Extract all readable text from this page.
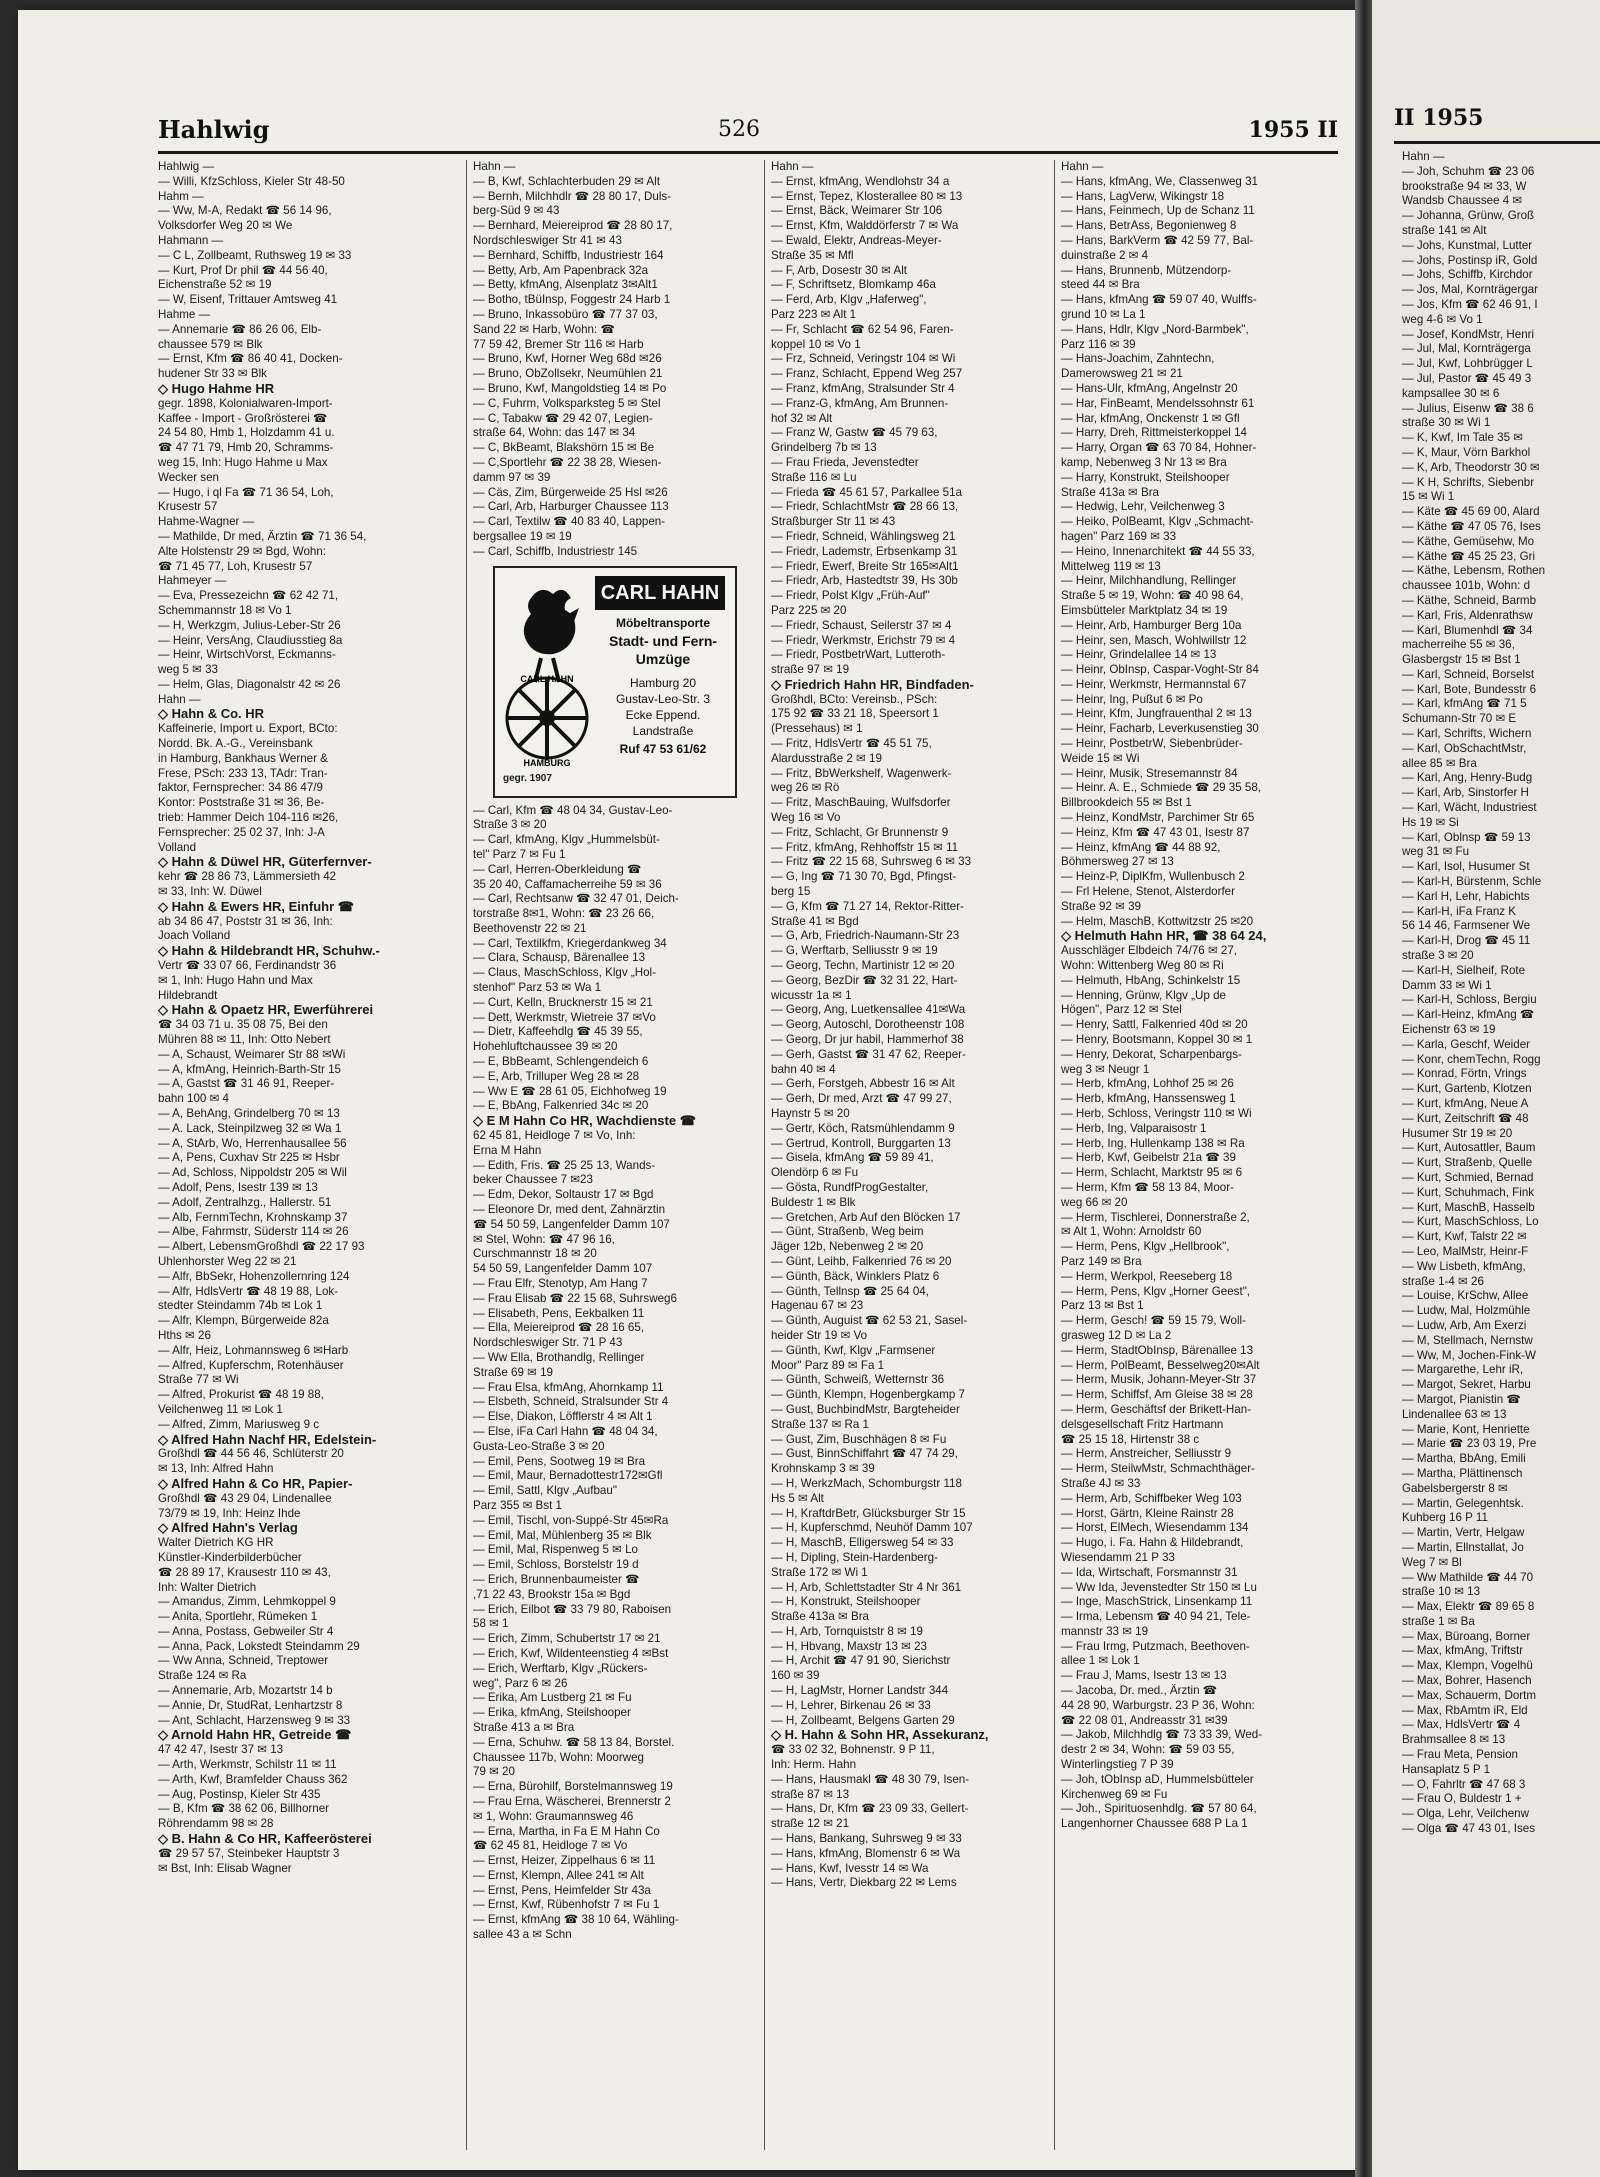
Hahlwig	526	1955 II
Hahlwig —
— Willi, KfzSchloss, Kieler Str 48-50
Hahm —
— Ww, M-A, Redakt ☎ 56 14 96,
Volksdorfer Weg 20 ✉ We
Hahmann —
— C L, Zollbeamt, Ruthsweg 19 ✉ 33
— Kurt, Prof Dr phil ☎ 44 56 40,
Eichenstraße 52 ✉ 19
— W, Eisenf, Trittauer Amtsweg 41
Hahme —
— Annemarie ☎ 86 26 06, Elb-
chaussee 579 ✉ Blk
— Ernst, Kfm ☎ 86 40 41, Docken-
hudener Str 33 ✉ Blk
◇ Hugo Hahme HR
gegr. 1898, Kolonialwaren-Import-
Kaffee - Import - Großrösterei ☎
24 54 80, Hmb 1, Holzdamm 41 u.
☎ 47 71 79, Hmb 20, Schramms-
weg 15, Inh: Hugo Hahme u Max
Wecker sen
— Hugo, i ql Fa ☎ 71 36 54, Loh,
Krusestr 57
Hahme-Wagner —
— Mathilde, Dr med, Ärztin ☎ 71 36 54,
Alte Holstenstr 29 ✉ Bgd, Wohn:
☎ 71 45 77, Loh, Krusestr 57
Hahmeyer —
— Eva, Pressezeichn ☎ 62 42 71,
Schemmannstr 18 ✉ Vo 1
— H, Werkzgm, Julius-Leber-Str 26
— Heinr, VersAng, Claudiusstieg 8a
— Heinr, WirtschVorst, Eckmanns-
weg 5 ✉ 33
— Helm, Glas, Diagonalstr 42 ✉ 26
Hahn —
◇ Hahn & Co. HR
Kaffeinerie, Import u. Export, BCto:
Nordd. Bk. A.-G., Vereinsbank
in Hamburg, Bankhaus Werner &
Frese, PSch: 233 13, TAdr: Tran-
faktor, Fernsprecher: 34 86 47/9
Kontor: Poststraße 31 ✉ 36, Be-
trieb: Hammer Deich 104-116 ✉26,
Fernsprecher: 25 02 37, Inh: J-A
Volland
◇ Hahn & Düwel HR, Güterfernver-
kehr ☎ 28 86 73, Lämmersieth 42
✉ 33, Inh: W. Düwel
◇ Hahn & Ewers HR, Einfuhr ☎
ab 34 86 47, Poststr 31 ✉ 36, Inh:
Joach Volland
◇ Hahn & Hildebrandt HR, Schuhw.-
Vertr ☎ 33 07 66, Ferdinandstr 36
✉ 1, Inh: Hugo Hahn und Max
Hildebrandt
◇ Hahn & Opaetz HR, Ewerführerei
☎ 34 03 71 u. 35 08 75, Bei den
Mühren 88 ✉ 11, Inh: Otto Nebert
— A, Schaust, Weimarer Str 88 ✉Wi
— A, kfmAng, Heinrich-Barth-Str 15
— A, Gastst ☎ 31 46 91, Reeper-
bahn 100 ✉ 4
— A, BehAng, Grindelberg 70 ✉ 13
— A. Lack, Steinpilzweg 32 ✉ Wa 1
— A, StArb, Wo, Herrenhausallee 56
— A, Pens, Cuxhav Str 225 ✉ Hsbr
— Ad, Schloss, Nippoldstr 205 ✉ Wil
— Adolf, Pens, Isestr 139 ✉ 13
— Adolf, Zentralhzg., Hallerstr. 51
— Alb, FernmTechn, Krohnskamp 37
— Albe, Fahrmstr, Süderstr 114 ✉ 26
— Albert, LebensmGroßhdl ☎ 22 17 93
Uhlenhorster Weg 22 ✉ 21
— Alfr, BbSekr, Hohenzollernring 124
— Alfr, HdlsVertr ☎ 48 19 88, Lok-
stedter Steindamm 74b ✉ Lok 1
— Alfr, Klempn, Bürgerweide 82a
Hths ✉ 26
— Alfr, Heiz, Lohmannsweg 6 ✉Harb
— Alfred, Kupferschm, Rotenhäuser
Straße 77 ✉ Wi
— Alfred, Prokurist ☎ 48 19 88,
Veilchenweg 11 ✉ Lok 1
— Alfred, Zimm, Mariusweg 9 c
◇ Alfred Hahn Nachf HR, Edelstein-
Großhdl ☎ 44 56 46, Schlüterstr 20
✉ 13, Inh: Alfred Hahn
◇ Alfred Hahn & Co HR, Papier-
Großhdl ☎ 43 29 04, Lindenallee
73/79 ✉ 19, Inh: Heinz Ihde
◇ Alfred Hahn's Verlag
Walter Dietrich KG HR
Künstler-Kinderbilderbücher
☎ 28 89 17, Krausestr 110 ✉ 43,
Inh: Walter Dietrich
— Amandus, Zimm, Lehmkoppel 9
— Anita, Sportlehr, Rümeken 1
— Anna, Postass, Gebweiler Str 4
— Anna, Pack, Lokstedt Steindamm 29
— Ww Anna, Schneid, Treptower
Straße 124 ✉ Ra
— Annemarie, Arb, Mozartstr 14 b
— Annie, Dr, StudRat, Lenhartzstr 8
— Ant, Schlacht, Harzensweg 9 ✉ 33
◇ Arnold Hahn HR, Getreide ☎
47 42 47, Isestr 37 ✉ 13
— Arth, Werkmstr, Schilstr 11 ✉ 11
— Arth, Kwf, Bramfelder Chauss 362
— Aug, Postinsp, Kieler Str 435
— B, Kfm ☎ 38 62 06, Billhorner
Röhrendamm 98 ✉ 28
◇ B. Hahn & Co HR, Kaffeerösterei
☎ 29 57 57, Steinbeker Hauptstr 3
✉ Bst, Inh: Elisab Wagner
Hahn —
— B, Kwf, Schlachterbuden 29 ✉ Alt
— Bernh, Milchhdlr ☎ 28 80 17, Duls-
berg-Süd 9 ✉ 43
— Bernhard, Meiereiprod ☎ 28 80 17,
Nordschleswiger Str 41 ✉ 43
— Bernhard, Schiffb, Industriestr 164
— Betty, Arb, Am Papenbrack 32a
— Betty, kfmAng, Alsenplatz 3✉Alt1
— Botho, tBüInsp, Foggestr 24 Harb 1
— Bruno, Inkassobüro ☎ 77 37 03,
Sand 22 ✉ Harb, Wohn: ☎
77 59 42, Bremer Str 116 ✉ Harb
— Bruno, Kwf, Horner Weg 68d ✉26
— Bruno, ObZollsekr, Neumühlen 21
— Bruno, Kwf, Mangoldstieg 14 ✉ Po
— C, Fuhrm, Volksparksteg 5 ✉ Stel
— C, Tabakw ☎ 29 42 07, Legien-
straße 64, Wohn: das 147 ✉ 34
— C, BkBeamt, Blakshörn 15 ✉ Be
— C,Sportlehr ☎ 22 38 28, Wiesen-
damm 97 ✉ 39
— Cäs, Zim, Bürgerweide 25 Hsl ✉26
— Carl, Arb, Harburger Chaussee 113
— Carl, Textilw ☎ 40 83 40, Lappen-
bergsallee 19 ✉ 19
— Carl, Schiffb, Industriestr 145
CARL HAHN
HAMBURG
gegr. 1907
CARL HAHN
Möbeltransporte
Stadt- und Fern-
Umzüge
Hamburg 20
Gustav-Leo-Str. 3
Ecke Eppend.
Landstraße
Ruf 47 53 61/62
— Carl, Kfm ☎ 48 04 34, Gustav-Leo-
Straße 3 ✉ 20
— Carl, kfmAng, Klgv „Hummelsbüt-
tel" Parz 7 ✉ Fu 1
— Carl, Herren-Oberkleidung ☎
35 20 40, Caffamacherreihe 59 ✉ 36
— Carl, Rechtsanw ☎ 32 47 01, Deich-
torstraße 8✉1, Wohn: ☎ 23 26 66,
Beethovenstr 22 ✉ 21
— Carl, Textilkfm, Kriegerdankweg 34
— Clara, Schausp, Bärenallee 13
— Claus, MaschSchloss, Klgv „Hol-
stenhof" Parz 53 ✉ Wa 1
— Curt, Kelln, Brucknerstr 15 ✉ 21
— Dett, Werkmstr, Wietreie 37 ✉Vo
— Dietr, Kaffeehdlg ☎ 45 39 55,
Hohehluftchaussee 39 ✉ 20
— E, BbBeamt, Schlengendeich 6
— E, Arb, Trilluper Weg 28 ✉ 28
— Ww E ☎ 28 61 05, Eichhofweg 19
— E, BbAng, Falkenried 34c ✉ 20
◇ E M Hahn Co HR, Wachdienste ☎
62 45 81, Heidloge 7 ✉ Vo, Inh:
Erna M Hahn
— Edith, Fris. ☎ 25 25 13, Wands-
beker Chaussee 7 ✉23
— Edm, Dekor, Soltaustr 17 ✉ Bgd
— Eleonore Dr, med dent, Zahnärztin
☎ 54 50 59, Langenfelder Damm 107
✉ Stel, Wohn: ☎ 47 96 16,
Curschmannstr 18 ✉ 20
54 50 59, Langenfelder Damm 107
— Frau Elfr, Stenotyp, Am Hang 7
— Frau Elisab ☎ 22 15 68, Suhrsweg6
— Elisabeth, Pens, Eekbalken 11
— Ella, Meiereiprod ☎ 28 16 65,
Nordschleswiger Str. 71 P 43
— Ww Ella, Brothandlg, Rellinger
Straße 69 ✉ 19
— Frau Elsa, kfmAng, Ahornkamp 11
— Elsbeth, Schneid, Stralsunder Str 4
— Else, Diakon, Löfflerstr 4 ✉ Alt 1
— Else, iFa Carl Hahn ☎ 48 04 34,
Gusta-Leo-Straße 3 ✉ 20
— Emil, Pens, Sootweg 19 ✉ Bra
— Emil, Maur, Bernadottestr172✉Gfl
— Emil, Sattl, Klgv „Aufbau"
Parz 355 ✉ Bst 1
— Emil, Tischl, von-Suppé-Str 45✉Ra
— Emil, Mal, Mühlenberg 35 ✉ Blk
— Emil, Mal, Rispenweg 5 ✉ Lo
— Emil, Schloss, Borstelstr 19 d
— Erich, Brunnenbaumeister ☎
,71 22 43, Brookstr 15a ✉ Bgd
— Erich, Eilbot ☎ 33 79 80, Raboisen
58 ✉ 1
— Erich, Zimm, Schubertstr 17 ✉ 21
— Erich, Kwf, Wildenteenstieg 4 ✉Bst
— Erich, Werftarb, Klgv „Rückers-
weg", Parz 6 ✉ 26
— Erika, Am Lustberg 21 ✉ Fu
— Erika, kfmAng, Steilshooper
Straße 413 a ✉ Bra
— Erna, Schuhw. ☎ 58 13 84, Borstel.
Chaussee 117b, Wohn: Moorweg
79 ✉ 20
— Erna, Bürohilf, Borstelmannsweg 19
— Frau Erna, Wäscherei, Brennerstr 2
✉ 1, Wohn: Graumannsweg 46
— Erna, Martha, in Fa E M Hahn Co
☎ 62 45 81, Heidloge 7 ✉ Vo
— Ernst, Heizer, Zippelhaus 6 ✉ 11
— Ernst, Klempn, Allee 241 ✉ Alt
— Ernst, Pens, Heimfelder Str 43a
— Ernst, Kwf, Rübenhofstr 7 ✉ Fu 1
— Ernst, kfmAng ☎ 38 10 64, Wähling-
sallee 43 a ✉ Schn
Hahn —
— Ernst, kfmAng, Wendlohstr 34 a
— Ernst, Tepez, Klosterallee 80 ✉ 13
— Ernst, Bäck, Weimarer Str 106
— Ernst, Kfm, Walddörferstr 7 ✉ Wa
— Ewald, Elektr, Andreas-Meyer-
Straße 35 ✉ Mfl
— F, Arb, Dosestr 30 ✉ Alt
— F, Schriftsetz, Blomkamp 46a
— Ferd, Arb, Klgv „Haferweg",
Parz 223 ✉ Alt 1
— Fr, Schlacht ☎ 62 54 96, Faren-
koppel 10 ✉ Vo 1
— Frz, Schneid, Veringstr 104 ✉ Wi
— Franz, Schlacht, Eppend Weg 257
— Franz, kfmAng, Stralsunder Str 4
— Franz-G, kfmAng, Am Brunnen-
hof 32 ✉ Alt
— Franz W, Gastw ☎ 45 79 63,
Grindelberg 7b ✉ 13
— Frau Frieda, Jevenstedter
Straße 116 ✉ Lu
— Frieda ☎ 45 61 57, Parkallee 51a
— Friedr, SchlachtMstr ☎ 28 66 13,
Straßburger Str 11 ✉ 43
— Friedr, Schneid, Wählingsweg 21
— Friedr, Lademstr, Erbsenkamp 31
— Friedr, Ewerf, Breite Str 165✉Alt1
— Friedr, Arb, Hastedtstr 39, Hs 30b
— Friedr, Polst Klgv „Früh-Auf"
Parz 225 ✉ 20
— Friedr, Schaust, Seilerstr 37 ✉ 4
— Friedr, Werkmstr, Erichstr 79 ✉ 4
— Friedr, PostbetrWart, Lutteroth-
straße 97 ✉ 19
◇ Friedrich Hahn HR, Bindfaden-
Großhdl, BCto: Vereinsb., PSch:
175 92 ☎ 33 21 18, Speersort 1
(Pressehaus) ✉ 1
— Fritz, HdlsVertr ☎ 45 51 75,
Alardusstraße 2 ✉ 19
— Fritz, BbWerkshelf, Wagenwerk-
weg 26 ✉ Rö
— Fritz, MaschBauing, Wulfsdorfer
Weg 16 ✉ Vo
— Fritz, Schlacht, Gr Brunnenstr 9
— Fritz, kfmAng, Rehhoffstr 15 ✉ 11
— Fritz ☎ 22 15 68, Suhrsweg 6 ✉ 33
— G, Ing ☎ 71 30 70, Bgd, Pfingst-
berg 15
— G, Kfm ☎ 71 27 14, Rektor-Ritter-
Straße 41 ✉ Bgd
— G, Arb, Friedrich-Naumann-Str 23
— G, Werftarb, Selliusstr 9 ✉ 19
— Georg, Techn, Martinistr 12 ✉ 20
— Georg, BezDir ☎ 32 31 22, Hart-
wicusstr 1a ✉ 1
— Georg, Ang, Luetkensallee 41✉Wa
— Georg, Autoschl, Dorotheenstr 108
— Georg, Dr jur habil, Hammerhof 38
— Gerh, Gastst ☎ 31 47 62, Reeper-
bahn 40 ✉ 4
— Gerh, Forstgeh, Abbestr 16 ✉ Alt
— Gerh, Dr med, Arzt ☎ 47 99 27,
Haynstr 5 ✉ 20
— Gertr, Köch, Ratsmühlendamm 9
— Gertrud, Kontroll, Burggarten 13
— Gisela, kfmAng ☎ 59 89 41,
Olendörp 6 ✉ Fu
— Gösta, RundfProgGestalter,
Buldestr 1 ✉ Blk
— Gretchen, Arb Auf den Blöcken 17
— Günt, Straßenb, Weg beim
Jäger 12b, Nebenweg 2 ✉ 20
— Günt, Leihb, Falkenried 76 ✉ 20
— Günth, Bäck, Winklers Platz 6
— Günth, Tellnsp ☎ 25 64 04,
Hagenau 67 ✉ 23
— Günth, Auguist ☎ 62 53 21, Sasel-
heider Str 19 ✉ Vo
— Günth, Kwf, Klgv „Farmsener
Moor" Parz 89 ✉ Fa 1
— Günth, Schweiß, Wetternstr 36
— Günth, Klempn, Hogenbergkamp 7
— Gust, BuchbindMstr, Bargteheider
Straße 137 ✉ Ra 1
— Gust, Zim, Buschhägen 8 ✉ Fu
— Gust, BinnSchiffahrt ☎ 47 74 29,
Krohnskamp 3 ✉ 39
— H, WerkzMach, Schomburgstr 118
Hs 5 ✉ Alt
— H, KraftdrBetr, Glücksburger Str 15
— H, Kupferschmd, Neuhöf Damm 107
— H, MaschB, Elligersweg 54 ✉ 33
— H, Dipling, Stein-Hardenberg-
Straße 172 ✉ Wi 1
— H, Arb, Schlettstadter Str 4 Nr 361
— H, Konstrukt, Steilshooper
Straße 413a ✉ Bra
— H, Arb, Tornquiststr 8 ✉ 19
— H, Hbvang, Maxstr 13 ✉ 23
— H, Archit ☎ 47 91 90, Sierichstr
160 ✉ 39
— H, LagMstr, Horner Landstr 344
— H, Lehrer, Birkenau 26 ✉ 33
— H, Zollbeamt, Belgens Garten 29
◇ H. Hahn & Sohn HR, Assekuranz,
☎ 33 02 32, Bohnenstr. 9 P 11,
Inh: Herm. Hahn
— Hans, Hausmakl ☎ 48 30 79, Isen-
straße 87 ✉ 13
— Hans, Dr, Kfm ☎ 23 09 33, Gellert-
straße 12 ✉ 21
— Hans, Bankang, Suhrsweg 9 ✉ 33
— Hans, kfmAng, Blomenstr 6 ✉ Wa
— Hans, Kwf, Ivesstr 14 ✉ Wa
— Hans, Vertr, Diekbarg 22 ✉ Lems
Hahn —
— Hans, kfmAng, We, Classenweg 31
— Hans, LagVerw, Wikingstr 18
— Hans, Feinmech, Up de Schanz 11
— Hans, BetrAss, Begonienweg 8
— Hans, BarkVerm ☎ 42 59 77, Bal-
duinstraße 2 ✉ 4
— Hans, Brunnenb, Mützendorp-
steed 44 ✉ Bra
— Hans, kfmAng ☎ 59 07 40, Wulffs-
grund 10 ✉ La 1
— Hans, Hdlr, Klgv „Nord-Barmbek",
Parz 116 ✉ 39
— Hans-Joachim, Zahntechn,
Damerowsweg 21 ✉ 21
— Hans-Ulr, kfmAng, Angelnstr 20
— Har, FinBeamt, Mendelssohnstr 61
— Har, kfmAng, Onckenstr 1 ✉ Gfl
— Harry, Dreh, Rittmeisterkoppel 14
— Harry, Organ ☎ 63 70 84, Hohner-
kamp, Nebenweg 3 Nr 13 ✉ Bra
— Harry, Konstrukt, Steilshooper
Straße 413a ✉ Bra
— Hedwig, Lehr, Veilchenweg 3
— Heiko, PolBeamt, Klgv „Schmacht-
hagen" Parz 169 ✉ 33
— Heino, Innenarchitekt ☎ 44 55 33,
Mittelweg 119 ✉ 13
— Heinr, Milchhandlung, Rellinger
Straße 5 ✉ 19, Wohn: ☎ 40 98 64,
Eimsbütteler Marktplatz 34 ✉ 19
— Heinr, Arb, Hamburger Berg 10a
— Heinr, sen, Masch, Wohlwillstr 12
— Heinr, Grindelallee 14 ✉ 13
— Heinr, ObInsp, Caspar-Voght-Str 84
— Heinr, Werkmstr, Hermannstal 67
— Heinr, Ing, Pußut 6 ✉ Po
— Heinr, Kfm, Jungfrauenthal 2 ✉ 13
— Heinr, Facharb, Leverkusenstieg 30
— Heinr, PostbetrW, Siebenbrüder-
Weide 15 ✉ Wi
— Heinr, Musik, Stresemannstr 84
— Heinr. A. E., Schmiede ☎ 29 35 58,
Billbrookdeich 55 ✉ Bst 1
— Heinz, KondMstr, Parchimer Str 65
— Heinz, Kfm ☎ 47 43 01, Isestr 87
— Heinz, kfmAng ☎ 44 88 92,
Böhmersweg 27 ✉ 13
— Heinz-P, DiplKfm, Wullenbusch 2
— Frl Helene, Stenot, Alsterdorfer
Straße 92 ✉ 39
— Helm, MaschB, Kottwitzstr 25 ✉20
◇ Helmuth Hahn HR, ☎ 38 64 24,
Ausschläger Elbdeich 74/76 ✉ 27,
Wohn: Wittenberg Weg 80 ✉ Ri
— Helmuth, HbAng, Schinkelstr 15
— Henning, Grünw, Klgv „Up de
Högen", Parz 12 ✉ Stel
— Henry, Sattl, Falkenried 40d ✉ 20
— Henry, Bootsmann, Koppel 30 ✉ 1
— Henry, Dekorat, Scharpenbargs-
weg 3 ✉ Neugr 1
— Herb, kfmAng, Lohhof 25 ✉ 26
— Herb, kfmAng, Hanssensweg 1
— Herb, Schloss, Veringstr 110 ✉ Wi
— Herb, Ing, Valparaisostr 1
— Herb, Ing, Hullenkamp 138 ✉ Ra
— Herb, Kwf, Geibelstr 21a ☎ 39
— Herm, Schlacht, Marktstr 95 ✉ 6
— Herm, Kfm ☎ 58 13 84, Moor-
weg 66 ✉ 20
— Herm, Tischlerei, Donnerstraße 2,
✉ Alt 1, Wohn: Arnoldstr 60
— Herm, Pens, Klgv „Hellbrook",
Parz 149 ✉ Bra
— Herm, Werkpol, Reeseberg 18
— Herm, Pens, Klgv „Horner Geest",
Parz 13 ✉ Bst 1
— Herm, Gesch! ☎ 59 15 79, Woll-
grasweg 12 D ✉ La 2
— Herm, StadtObInsp, Bärenallee 13
— Herm, PolBeamt, Besselweg20✉Alt
— Herm, Musik, Johann-Meyer-Str 37
— Herm, Schiffsf, Am Gleise 38 ✉ 28
— Herm, Geschäftsf der Brikett-Han-
delsgesellschaft Fritz Hartmann
☎ 25 15 18, Hirtenstr 38 c
— Herm, Anstreicher, Selliusstr 9
— Herm, SteilwMstr, Schmachthäger-
Straße 4J ✉ 33
— Herm, Arb, Schiffbeker Weg 103
— Horst, Gärtn, Kleine Rainstr 28
— Horst, ElMech, Wiesendamm 134
— Hugo, i. Fa. Hahn & Hildebrandt,
Wiesendamm 21 P 33
— Ida, Wirtschaft, Forsmannstr 31
— Ww Ida, Jevenstedter Str 150 ✉ Lu
— Inge, MaschStrick, Linsenkamp 11
— Irma, Lebensm ☎ 40 94 21, Tele-
mannstr 33 ✉ 19
— Frau Irmg, Putzmach, Beethoven-
allee 1 ✉ Lok 1
— Frau J, Mams, Isestr 13 ✉ 13
— Jacoba, Dr. med., Ärztin ☎
44 28 90, Warburgstr. 23 P 36, Wohn:
☎ 22 08 01, Andreasstr 31 ✉39
— Jakob, Milchhdlg ☎ 73 33 39, Wed-
destr 2 ✉ 34, Wohn: ☎ 59 03 55,
Winterlingstieg 7 P 39
— Joh, tObInsp aD, Hummelsbütteler
Kirchenweg 69 ✉ Fu
— Joh., Spirituosenhdlg. ☎ 57 80 64,
Langenhorner Chaussee 688 P La 1
II 1955
Hahn —
— Joh, Schuhm ☎ 23 06
brookstraße 94 ✉ 33, W
Wandsb Chaussee 4 ✉
— Johanna, Grünw, Groß
straße 141 ✉ Alt
— Johs, Kunstmal, Lutter
— Johs, Postinsp iR, Gold
— Johs, Schiffb, Kirchdor
— Jos, Mal, Kornträgergar
— Jos, Kfm ☎ 62 46 91, I
weg 4-6 ✉ Vo 1
— Josef, KondMstr, Henri
— Jul, Mal, Kornträgerga
— Jul, Kwf, Lohbrügger L
— Jul, Pastor ☎ 45 49 3
kampsallee 30 ✉ 6
— Julius, Eisenw ☎ 38 6
straße 30 ✉ Wi 1
— K, Kwf, Im Tale 35 ✉
— K, Maur, Vörn Barkhol
— K, Arb, Theodorstr 30 ✉
— K H, Schrifts, Siebenbr
15 ✉ Wi 1
— Käte ☎ 45 69 00, Alard
— Käthe ☎ 47 05 76, Ises
— Käthe, Gemüsehw, Mo
— Käthe ☎ 45 25 23, Gri
— Käthe, Lebensm, Rothen
chaussee 101b, Wohn: d
— Käthe, Schneid, Barmb
— Karl, Fris, Aldenrathsw
— Karl, Blumenhdl ☎ 34
macherreihe 55 ✉ 36,
Glasbergstr 15 ✉ Bst 1
— Karl, Schneid, Borselst
— Karl, Bote, Bundesstr 6
— Karl, kfmAng ☎ 71 5
Schumann-Str 70 ✉ E
— Karl, Schrifts, Wichern
— Karl, ObSchachtMstr,
allee 85 ✉ Bra
— Karl, Ang, Henry-Budg
— Karl, Arb, Sinstorfer H
— Karl, Wächt, Industriest
Hs 19 ✉ Si
— Karl, Oblnsp ☎ 59 13
weg 31 ✉ Fu
— Karl, Isol, Husumer St
— Karl-H, Bürstenm, Schle
— Karl H, Lehr, Habichts
— Karl-H, iFa Franz K
56 14 46, Farmsener We
— Karl-H, Drog ☎ 45 11
straße 3 ✉ 20
— Karl-H, Sielheif, Rote
Damm 33 ✉ Wi 1
— Karl-H, Schloss, Bergiu
— Karl-Heinz, kfmAng ☎
Eichenstr 63 ✉ 19
— Karla, Geschf, Weider
— Konr, chemTechn, Rogg
— Konrad, Förtn, Vrings
— Kurt, Gartenb, Klotzen
— Kurt, kfmAng, Neue A
— Kurt, Zeitschrift ☎ 48
Husumer Str 19 ✉ 20
— Kurt, Autosattler, Baum
— Kurt, Straßenb, Quelle
— Kurt, Schmied, Bernad
— Kurt, Schuhmach, Fink
— Kurt, MaschB, Hasselb
— Kurt, MaschSchloss, Lo
— Kurt, Kwf, Talstr 22 ✉
— Leo, MalMstr, Heinr-F
— Ww Lisbeth, kfmAng,
straße 1-4 ✉ 26
— Louise, KrSchw, Allee
— Ludw, Mal, Holzmühle
— Ludw, Arb, Am Exerzi
— M, Stellmach, Nernstw
— Ww, M, Jochen-Fink-W
— Margarethe, Lehr iR,
— Margot, Sekret, Harbu
— Margot, Pianistin ☎
Lindenallee 63 ✉ 13
— Marie, Kont, Henriette
— Marie ☎ 23 03 19, Pre
— Martha, BbAng, Emili
— Martha, Plättinensch
Gabelsbergerstr 8 ✉
— Martin, Gelegenhtsk.
Kuhberg 16 P 11
— Martin, Vertr, Helgaw
— Martin, Ellnstallat, Jo
Weg 7 ✉ Bl
— Ww Mathilde ☎ 44 70
straße 10 ✉ 13
— Max, Elektr ☎ 89 65 8
straße 1 ✉ Ba
— Max, Büroang, Borner
— Max, kfmAng, Triftstr
— Max, Klempn, Vogelhü
— Max, Bohrer, Hasench
— Max, Schauerm, Dortm
— Max, RbAmtm iR, Eld
— Max, HdlsVertr ☎ 4
Brahmsallee 8 ✉ 13
— Frau Meta, Pension
Hansaplatz 5 P 1
— O, Fahrltr ☎ 47 68 3
— Frau O, Buldestr 1 +
— Olga, Lehr, Veilchenw
— Olga ☎ 47 43 01, Ises
